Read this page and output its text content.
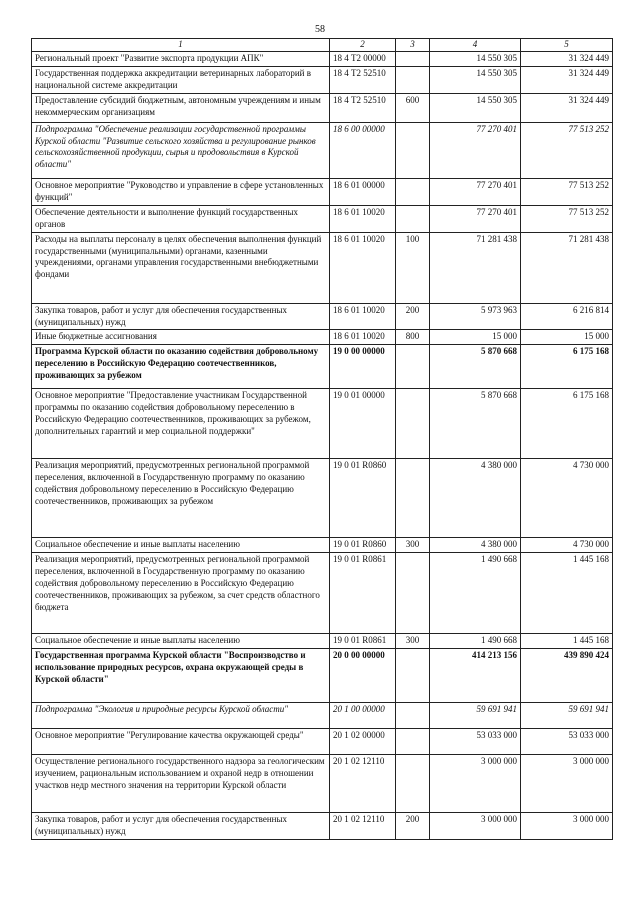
58
1	2	3	4	5
Региональный проект "Развитие экспорта продукции АПК"	18 4 Т2 00000		14 550 305	31 324 449
Государственная поддержка аккредитации ветеринарных лабораторий в национальной системе аккредитации	18 4 Т2 52510		14 550 305	31 324 449
Предоставление субсидий бюджетным, автономным учреждениям и иным некоммерческим организациям	18 4 Т2 52510	600	14 550 305	31 324 449
Подпрограмма "Обеспечение реализации государственной программы Курской области "Развитие сельского хозяйства и регулирование рынков сельскохозяйственной продукции, сырья и продовольствия в Курской области"	18 6 00 00000		77 270 401	77 513 252
Основное мероприятие "Руководство и управление в сфере установленных функций"	18 6 01 00000		77 270 401	77 513 252
Обеспечение деятельности и выполнение функций государственных органов	18 6 01 10020		77 270 401	77 513 252
Расходы на выплаты персоналу в целях обеспечения выполнения функций государственными (муниципальными) органами, казенными учреждениями, органами управления государственными внебюджетными фондами	18 6 01 10020	100	71 281 438	71 281 438
Закупка товаров, работ и услуг для обеспечения государственных (муниципальных) нужд	18 6 01 10020	200	5 973 963	6 216 814
Иные бюджетные ассигнования	18 6 01 10020	800	15 000	15 000
Программа Курской области по оказанию содействия добровольному переселению в Российскую Федерацию соотечественников, проживающих за рубежом	19 0 00 00000		5 870 668	6 175 168
Основное мероприятие "Предоставление участникам Государственной программы по оказанию содействия добровольному переселению в Российскую Федерацию соотечественников, проживающих за рубежом, дополнительных гарантий и мер социальной поддержки"	19 0 01 00000		5 870 668	6 175 168
Реализация мероприятий, предусмотренных региональной программой переселения, включенной в Государственную программу по оказанию содействия добровольному переселению в Российскую Федерацию соотечественников, проживающих за рубежом	19 0 01 R0860		4 380 000	4 730 000
Социальное обеспечение и иные выплаты населению	19 0 01 R0860	300	4 380 000	4 730 000
Реализация мероприятий, предусмотренных региональной программой переселения, включенной в Государственную программу по оказанию содействия добровольному переселению в Российскую Федерацию соотечественников, проживающих за рубежом, за счет средств областного бюджета	19 0 01 R0861		1 490 668	1 445 168
Социальное обеспечение и иные выплаты населению	19 0 01 R0861	300	1 490 668	1 445 168
Государственная программа Курской области "Воспроизводство и использование природных ресурсов, охрана окружающей среды в Курской области"	20 0 00 00000		414 213 156	439 890 424
Подпрограмма "Экология и природные ресурсы Курской области"	20 1 00 00000		59 691 941	59 691 941
Основное мероприятие "Регулирование качества окружающей среды"	20 1 02 00000		53 033 000	53 033 000
Осуществление регионального государственного надзора за геологическим изучением, рациональным использованием и охраной недр в отношении участков недр местного значения на территории Курской области	20 1 02 12110		3 000 000	3 000 000
Закупка товаров, работ и услуг для обеспечения государственных (муниципальных) нужд	20 1 02 12110	200	3 000 000	3 000 000
